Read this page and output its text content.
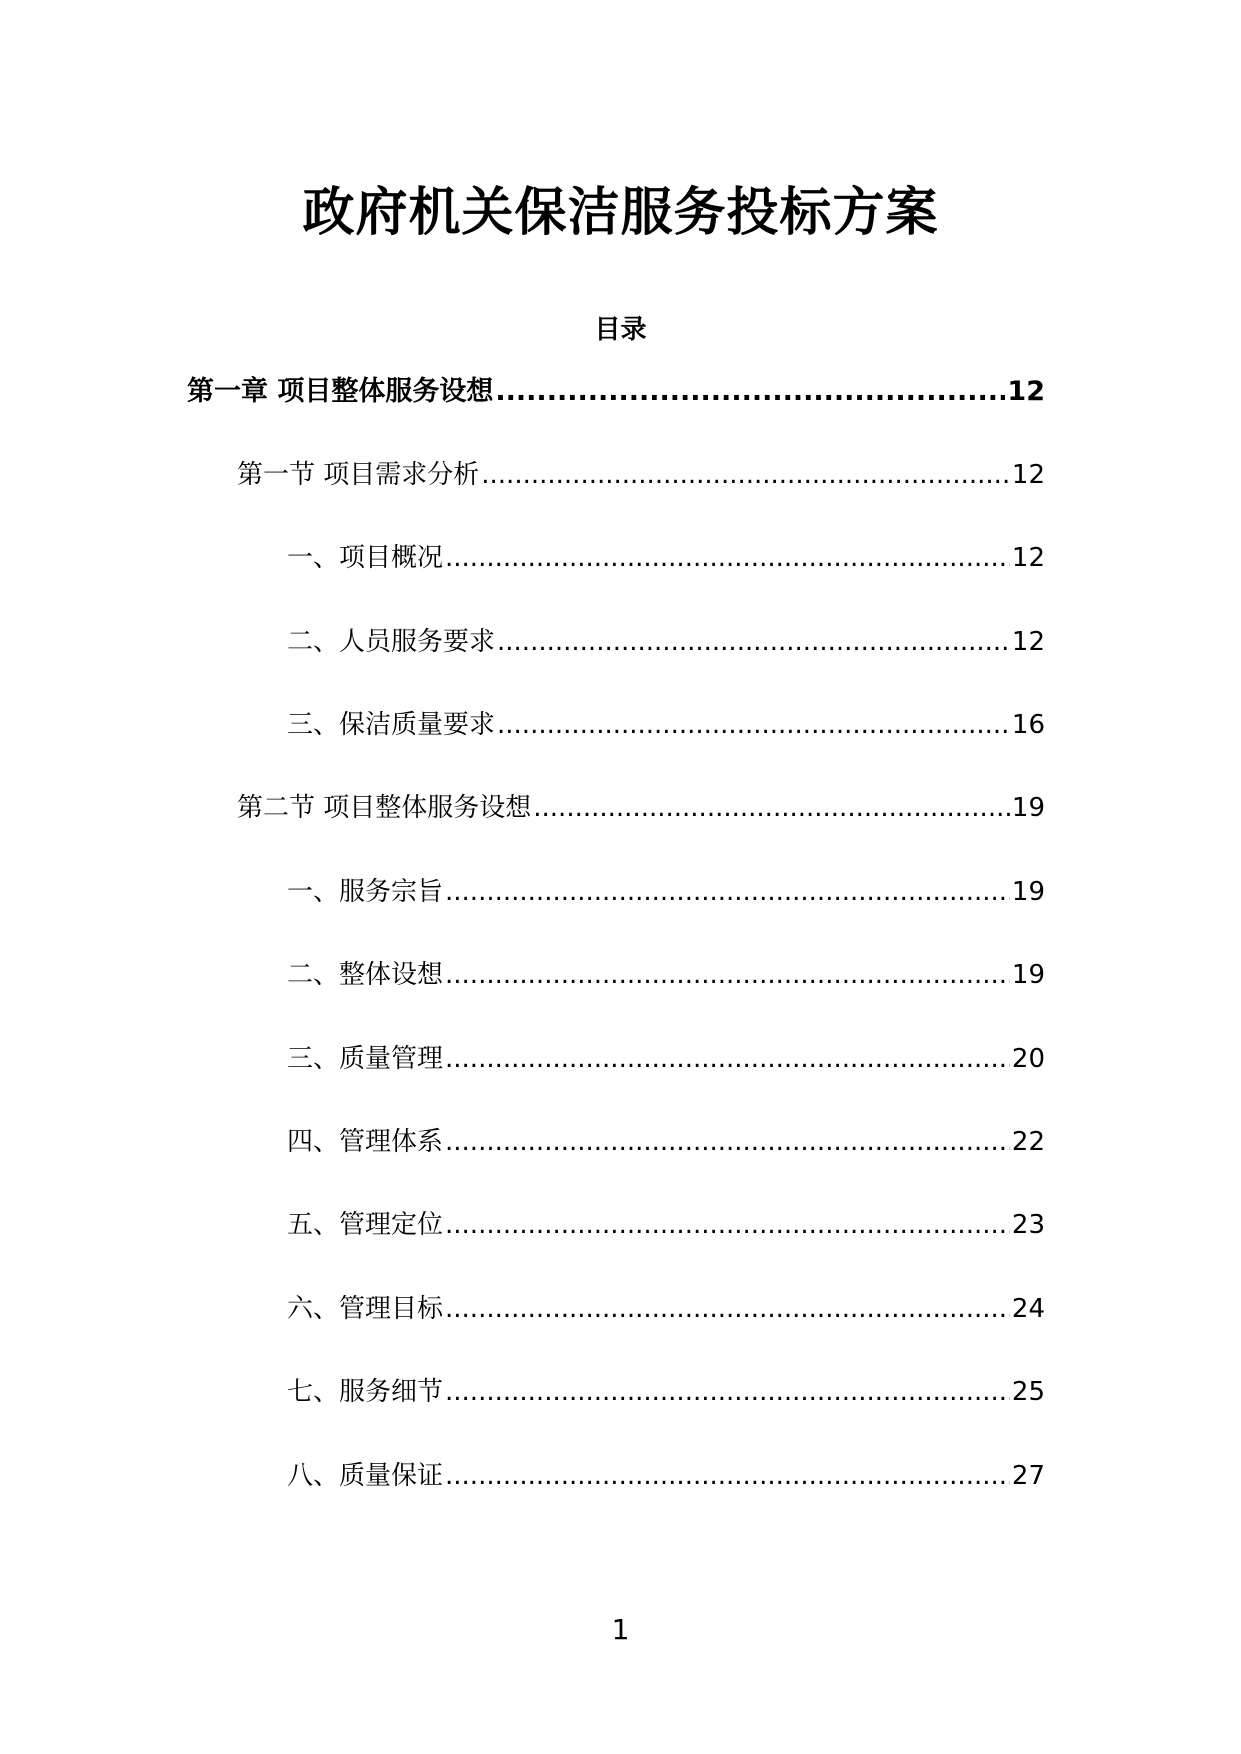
政府机关保洁服务投标方案
目录
第一章 项目整体服务设想 .....	12
第一节 项目需求分析 .....	12
一、项目概况 .....	12
二、人员服务要求 .....	12
三、保洁质量要求 .....	16
第二节 项目整体服务设想 .....	19
一、服务宗旨 .....	19
二、整体设想 .....	19
三、质量管理 .....	20
四、管理体系 .....	22
五、管理定位 .....	23
六、管理目标 .....	24
七、服务细节 .....	25
八、质量保证 .....	27
1
